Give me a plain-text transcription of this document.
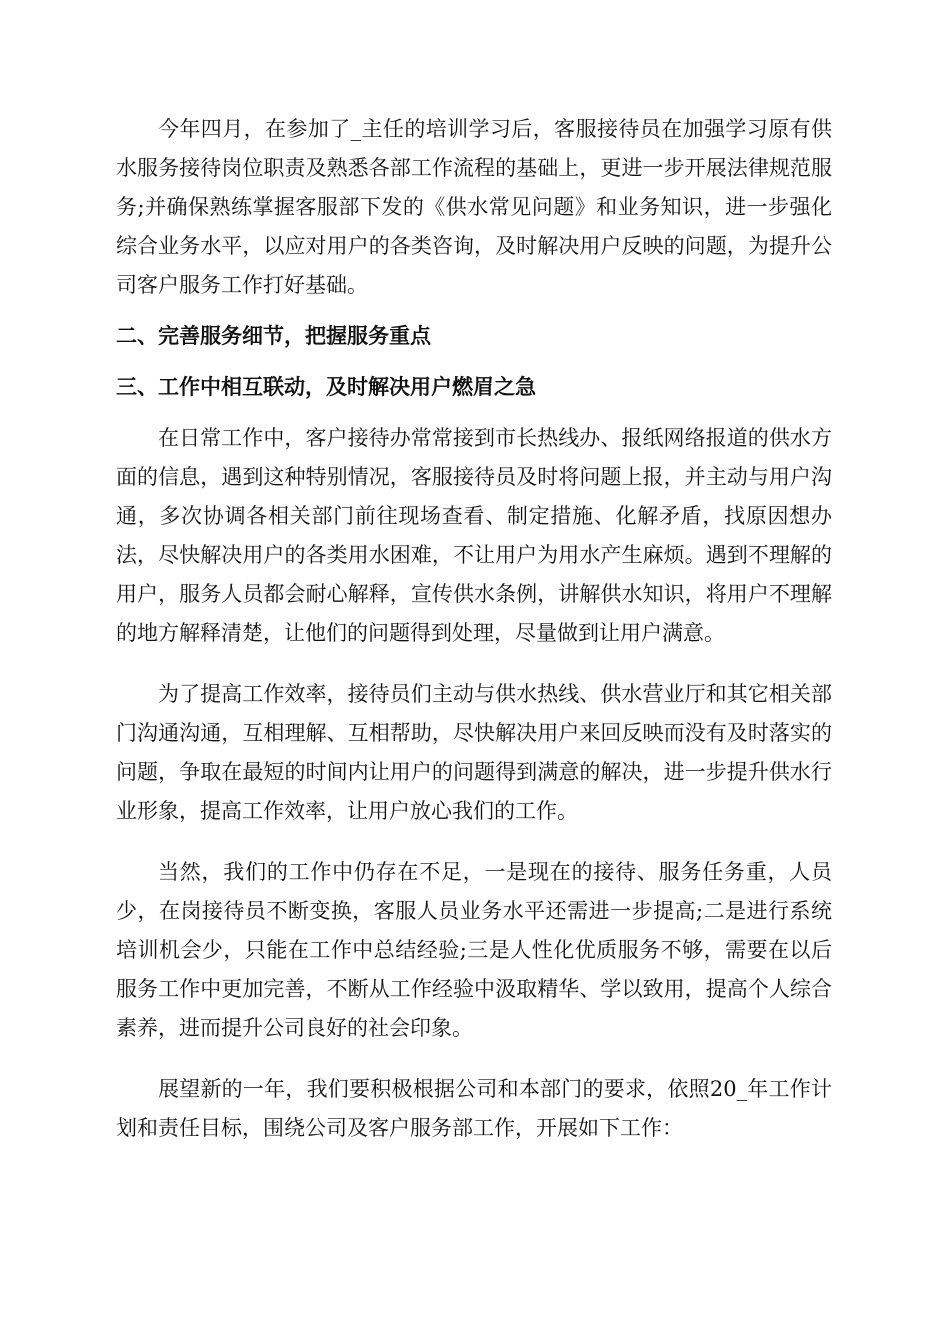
今年四月，在参加了_主任的培训学习后，客服接待员在加强学习原有供水服务接待岗位职责及熟悉各部工作流程的基础上，更进一步开展法律规范服务;并确保熟练掌握客服部下发的《供水常见问题》和业务知识，进一步强化综合业务水平，以应对用户的各类咨询，及时解决用户反映的问题，为提升公司客户服务工作打好基础。

二、完善服务细节，把握服务重点

三、工作中相互联动，及时解决用户燃眉之急

在日常工作中，客户接待办常常接到市长热线办、报纸网络报道的供水方面的信息，遇到这种特别情况，客服接待员及时将问题上报，并主动与用户沟通，多次协调各相关部门前往现场查看、制定措施、化解矛盾，找原因想办法，尽快解决用户的各类用水困难，不让用户为用水产生麻烦。遇到不理解的用户，服务人员都会耐心解释，宣传供水条例，讲解供水知识，将用户不理解的地方解释清楚，让他们的问题得到处理，尽量做到让用户满意。

为了提高工作效率，接待员们主动与供水热线、供水营业厅和其它相关部门沟通沟通，互相理解、互相帮助，尽快解决用户来回反映而没有及时落实的问题，争取在最短的时间内让用户的问题得到满意的解决，进一步提升供水行业形象，提高工作效率，让用户放心我们的工作。

当然，我们的工作中仍存在不足，一是现在的接待、服务任务重，人员少，在岗接待员不断变换，客服人员业务水平还需进一步提高;二是进行系统培训机会少，只能在工作中总结经验;三是人性化优质服务不够，需要在以后服务工作中更加完善，不断从工作经验中汲取精华、学以致用，提高个人综合素养，进而提升公司良好的社会印象。

展望新的一年，我们要积极根据公司和本部门的要求，依照20_年工作计划和责任目标，围绕公司及客户服务部工作，开展如下工作：
